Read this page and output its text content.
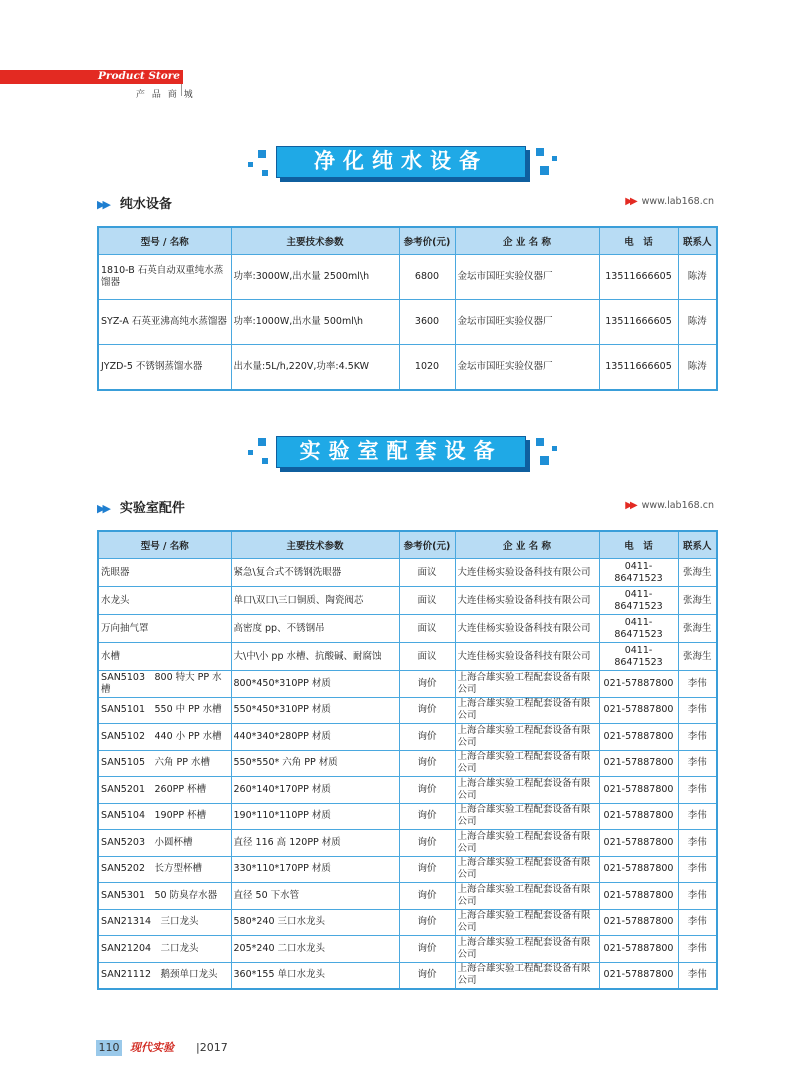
Product Store
产 品 商 城
净化纯水设备
▶▶ 纯水设备	▶▶ www.lab168.cn
型号 / 名称	主要技术参数	参考价(元)	企 业 名 称	电　话	联系人
1810-B 石英自动双重纯水蒸馏器	功率:3000W,出水量 2500ml\h	6800	金坛市国旺实验仪器厂	13511666605	陈涛
SYZ-A 石英亚沸高纯水蒸馏器	功率:1000W,出水量 500ml\h	3600	金坛市国旺实验仪器厂	13511666605	陈涛
JYZD-5 不锈钢蒸馏水器	出水量:5L/h,220V,功率:4.5KW	1020	金坛市国旺实验仪器厂	13511666605	陈涛
实验室配套设备
▶▶ 实验室配件	▶▶ www.lab168.cn
型号 / 名称	主要技术参数	参考价(元)	企 业 名 称	电　话	联系人
洗眼器	紧急\复合式不锈钢洗眼器	面议	大连佳杨实验设备科技有限公司	0411-86471523	张海生
水龙头	单口\双口\三口铜质、陶瓷阀芯	面议	大连佳杨实验设备科技有限公司	0411-86471523	张海生
万向抽气罩	高密度 pp、不锈钢吊	面议	大连佳杨实验设备科技有限公司	0411-86471523	张海生
水槽	大\中\小 pp 水槽、抗酸碱、耐腐蚀	面议	大连佳杨实验设备科技有限公司	0411-86471523	张海生
SAN5103　800 特大 PP 水槽	800*450*310PP 材质	询价	上海合雄实验工程配套设备有限公司	021-57887800	李伟
SAN5101　550 中 PP 水槽	550*450*310PP 材质	询价	上海合雄实验工程配套设备有限公司	021-57887800	李伟
SAN5102　440 小 PP 水槽	440*340*280PP 材质	询价	上海合雄实验工程配套设备有限公司	021-57887800	李伟
SAN5105　六角 PP 水槽	550*550* 六角 PP 材质	询价	上海合雄实验工程配套设备有限公司	021-57887800	李伟
SAN5201　260PP 杯槽	260*140*170PP 材质	询价	上海合雄实验工程配套设备有限公司	021-57887800	李伟
SAN5104　190PP 杯槽	190*110*110PP 材质	询价	上海合雄实验工程配套设备有限公司	021-57887800	李伟
SAN5203　小圆杯槽	直径 116 高 120PP 材质	询价	上海合雄实验工程配套设备有限公司	021-57887800	李伟
SAN5202　长方型杯槽	330*110*170PP 材质	询价	上海合雄实验工程配套设备有限公司	021-57887800	李伟
SAN5301　50 防臭存水器	直径 50 下水管	询价	上海合雄实验工程配套设备有限公司	021-57887800	李伟
SAN21314　三口龙头	580*240 三口水龙头	询价	上海合雄实验工程配套设备有限公司	021-57887800	李伟
SAN21204　二口龙头	205*240 二口水龙头	询价	上海合雄实验工程配套设备有限公司	021-57887800	李伟
SAN21112　鹅颈单口龙头	360*155 单口水龙头	询价	上海合雄实验工程配套设备有限公司	021-57887800	李伟
110 现代实验 |2017
